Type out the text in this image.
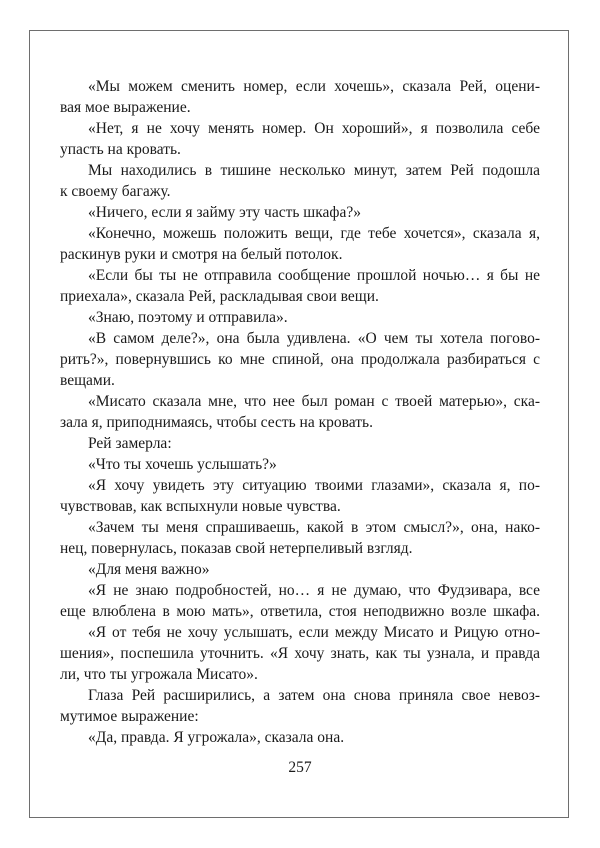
«Мы можем сменить номер, если хочешь», сказала Рей, оцени-
вая мое выражение.
«Нет, я не хочу менять номер. Он хороший», я позволила себе
упасть на кровать.
Мы находились в тишине несколько минут, затем Рей подошла
к своему багажу.
«Ничего, если я займу эту часть шкафа?»
«Конечно, можешь положить вещи, где тебе хочется», сказала я,
раскинув руки и смотря на белый потолок.
«Если бы ты не отправила сообщение прошлой ночью… я бы не
приехала», сказала Рей, раскладывая свои вещи.
«Знаю, поэтому и отправила».
«В самом деле?», она была удивлена. «О чем ты хотела погово-
рить?», повернувшись ко мне спиной, она продолжала разбираться с
вещами.
«Мисато сказала мне, что нее был роман с твоей матерью», ска-
зала я, приподнимаясь, чтобы сесть на кровать.
Рей замерла:
«Что ты хочешь услышать?»
«Я хочу увидеть эту ситуацию твоими глазами», сказала я, по-
чувствовав, как вспыхнули новые чувства.
«Зачем ты меня спрашиваешь, какой в этом смысл?», она, нако-
нец, повернулась, показав свой нетерпеливый взгляд.
«Для меня важно»
«Я не знаю подробностей, но… я не думаю, что Фудзивара, все
еще влюблена в мою мать», ответила, стоя неподвижно возле шкафа.
«Я от тебя не хочу услышать, если между Мисато и Рицую отно-
шения», поспешила уточнить. «Я хочу знать, как ты узнала, и правда
ли, что ты угрожала Мисато».
Глаза Рей расширились, а затем она снова приняла свое невоз-
мутимое выражение:
«Да, правда. Я угрожала», сказала она.
257
